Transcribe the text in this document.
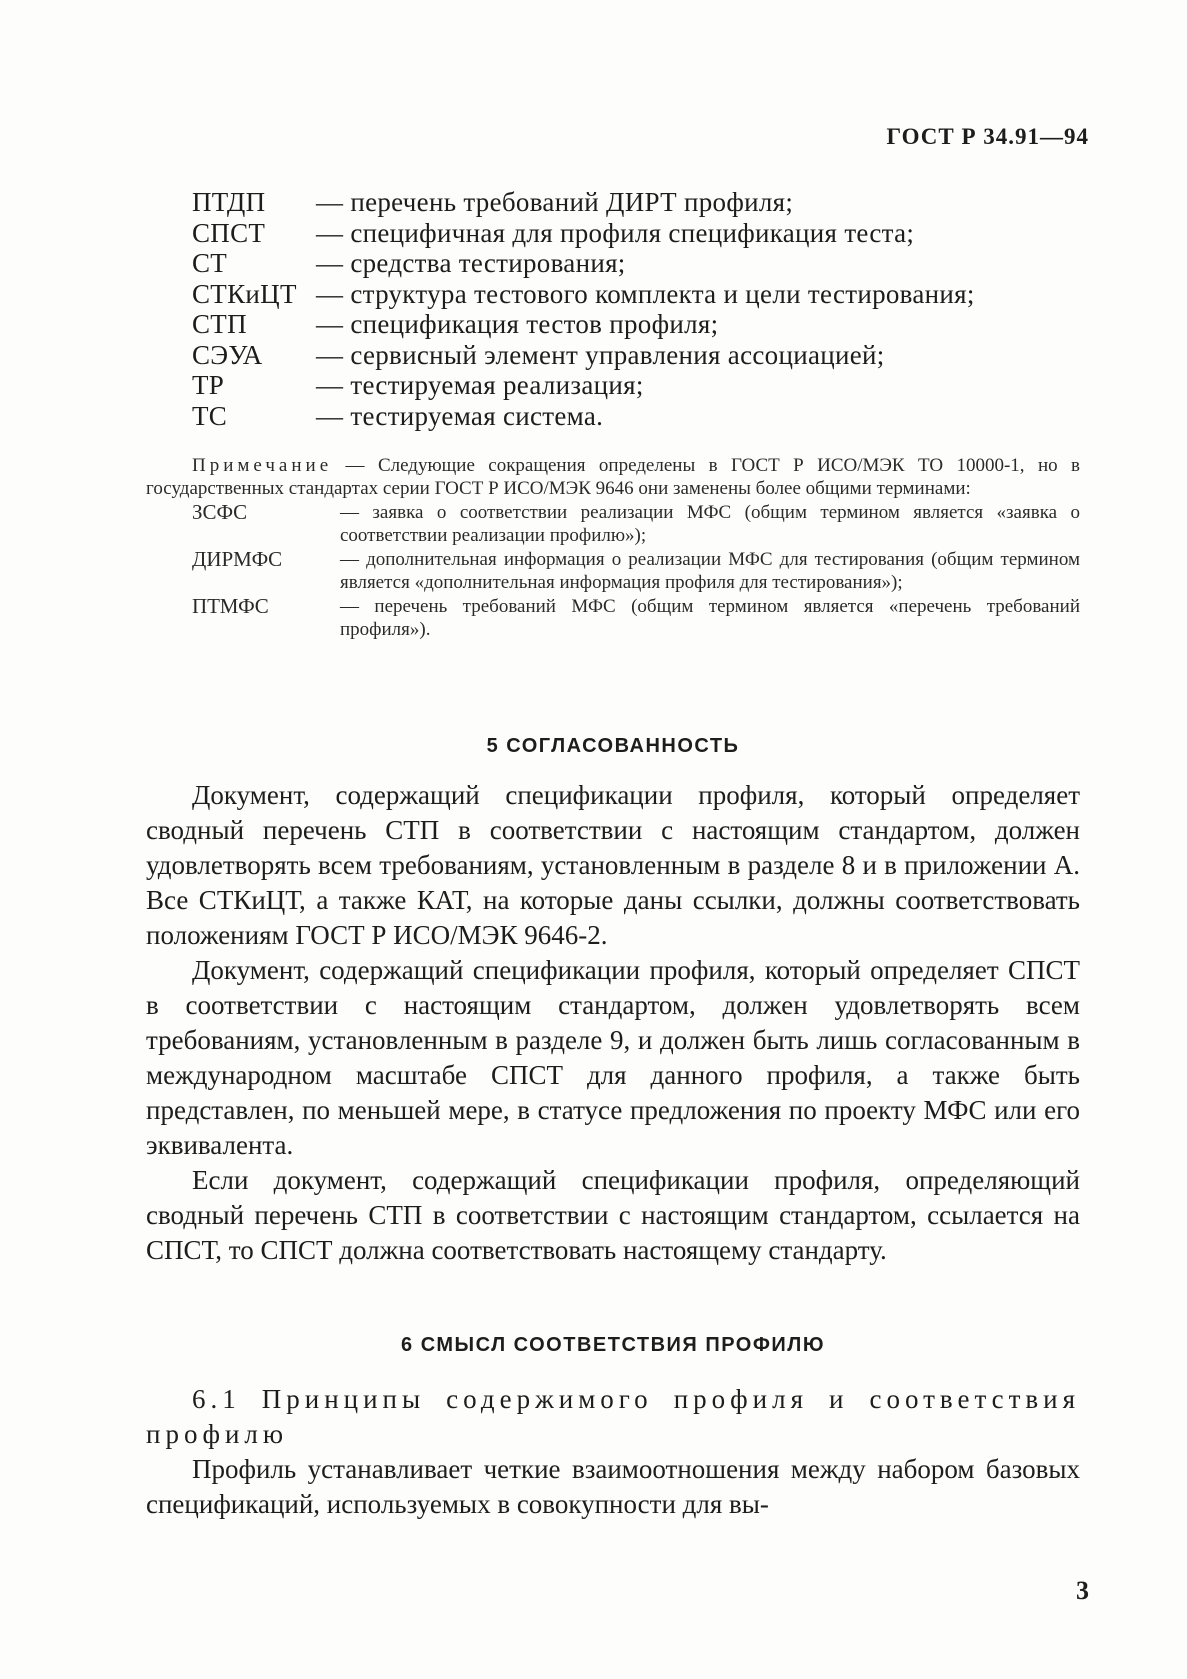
ГОСТ Р 34.91—94

ПТДП	— перечень требований ДИРТ профиля;
СПСТ	— специфичная для профиля спецификация теста;
СТ	— средства тестирования;
СТКиЦТ — структура тестового комплекта и цели тестирования;
СТП	— спецификация тестов профиля;
СЭУА	— сервисный элемент управления ассоциацией;
ТР	— тестируемая реализация;
ТС	— тестируемая система.

Примечание — Следующие сокращения определены в ГОСТ Р ИСО/МЭК ТО 10000-1, но в государственных стандартах серии ГОСТ Р ИСО/МЭК 9646 они заменены более общими терминами:

ЗСФС	— заявка о соответствии реализации МФС (общим термином является «заявка о соответствии реализации профилю»);
ДИРМФС	— дополнительная информация о реализации МФС для тестирования (общим термином является «дополнительная информация профиля для тестирования»);
ПТМФС	— перечень требований МФС (общим термином является «перечень требований профиля»).
5 СОГЛАСОВАННОСТЬ

Документ, содержащий спецификации профиля, который определяет сводный перечень СТП в соответствии с настоящим стандартом, должен удовлетворять всем требованиям, установленным в разделе 8 и в приложении А. Все СТКиЦТ, а также КАТ, на которые даны ссылки, должны соответствовать положениям ГОСТ Р ИСО/МЭК 9646-2.

Документ, содержащий спецификации профиля, который определяет СПСТ в соответствии с настоящим стандартом, должен удовлетворять всем требованиям, установленным в разделе 9, и должен быть лишь согласованным в международном масштабе СПСТ для данного профиля, а также быть представлен, по меньшей мере, в статусе предложения по проекту МФС или его эквивалента.

Если документ, содержащий спецификации профиля, определяющий сводный перечень СТП в соответствии с настоящим стандартом, ссылается на СПСТ, то СПСТ должна соответствовать настоящему стандарту.

6 СМЫСЛ СООТВЕТСТВИЯ ПРОФИЛЮ

6.1 Принципы содержимого профиля и соответствия профилю

Профиль устанавливает четкие взаимоотношения между набором базовых спецификаций, используемых в совокупности для вы-

3
